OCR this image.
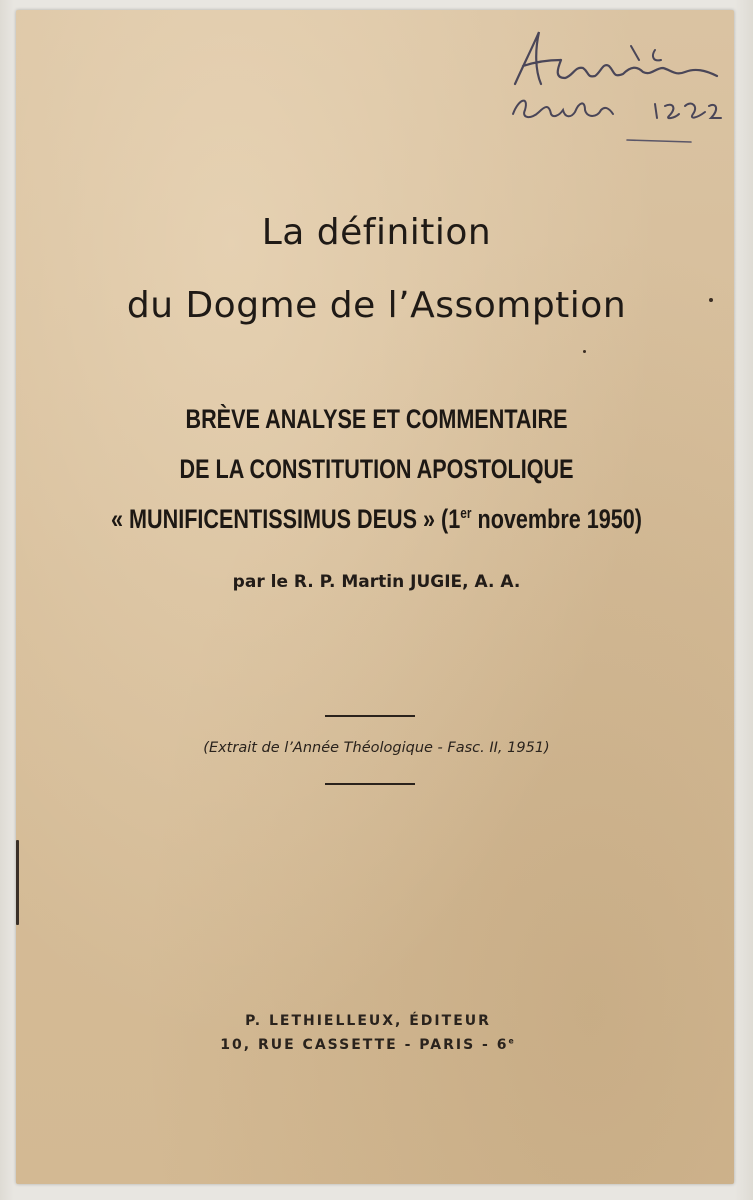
La définition
du Dogme de l’Assomption
BRÈVE ANALYSE ET COMMENTAIRE
DE LA CONSTITUTION APOSTOLIQUE
« MUNIFICENTISSIMUS DEUS » (1er novembre 1950)
par le R. P. Martin JUGIE, A. A.
(Extrait de l’Année Théologique - Fasc. II, 1951)
P. LETHIELLEUX, ÉDITEUR
10, RUE CASSETTE - PARIS - 6e
